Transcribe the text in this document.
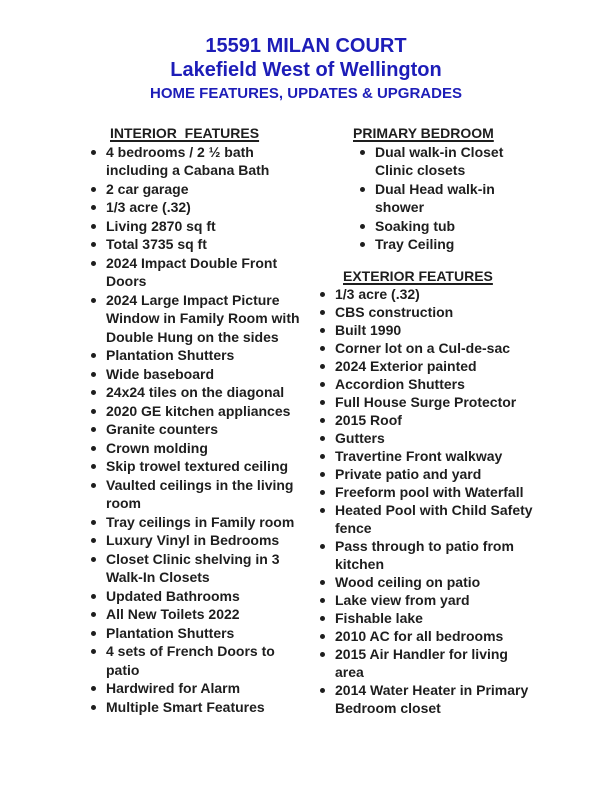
15591 MILAN COURT
Lakefield West of Wellington
HOME FEATURES, UPDATES & UPGRADES
INTERIOR  FEATURES
4 bedrooms / 2 ½ bath including a Cabana Bath
2 car garage
1/3 acre (.32)
Living 2870 sq ft
Total 3735 sq ft
2024 Impact Double Front Doors
2024 Large Impact Picture Window in Family Room with Double Hung on the sides
Plantation Shutters
Wide baseboard
24x24 tiles on the diagonal
2020 GE kitchen appliances
Granite counters
Crown molding
Skip trowel textured ceiling
Vaulted ceilings in the living room
Tray ceilings in Family room
Luxury Vinyl in Bedrooms
Closet Clinic shelving in 3 Walk-In Closets
Updated Bathrooms
All New Toilets 2022
Plantation Shutters
4 sets of French Doors to patio
Hardwired for Alarm
Multiple Smart Features
PRIMARY BEDROOM
Dual walk-in Closet Clinic closets
Dual Head walk-in shower
Soaking tub
Tray Ceiling
EXTERIOR FEATURES
1/3 acre (.32)
CBS construction
Built 1990
Corner lot on a Cul-de-sac
2024 Exterior painted
Accordion Shutters
Full House Surge Protector
2015 Roof
Gutters
Travertine Front walkway
Private patio and yard
Freeform pool with Waterfall
Heated Pool with Child Safety fence
Pass through to patio from kitchen
Wood ceiling on patio
Lake view from yard
Fishable lake
2010 AC for all bedrooms
2015 Air Handler for living area
2014 Water Heater in Primary Bedroom closet
